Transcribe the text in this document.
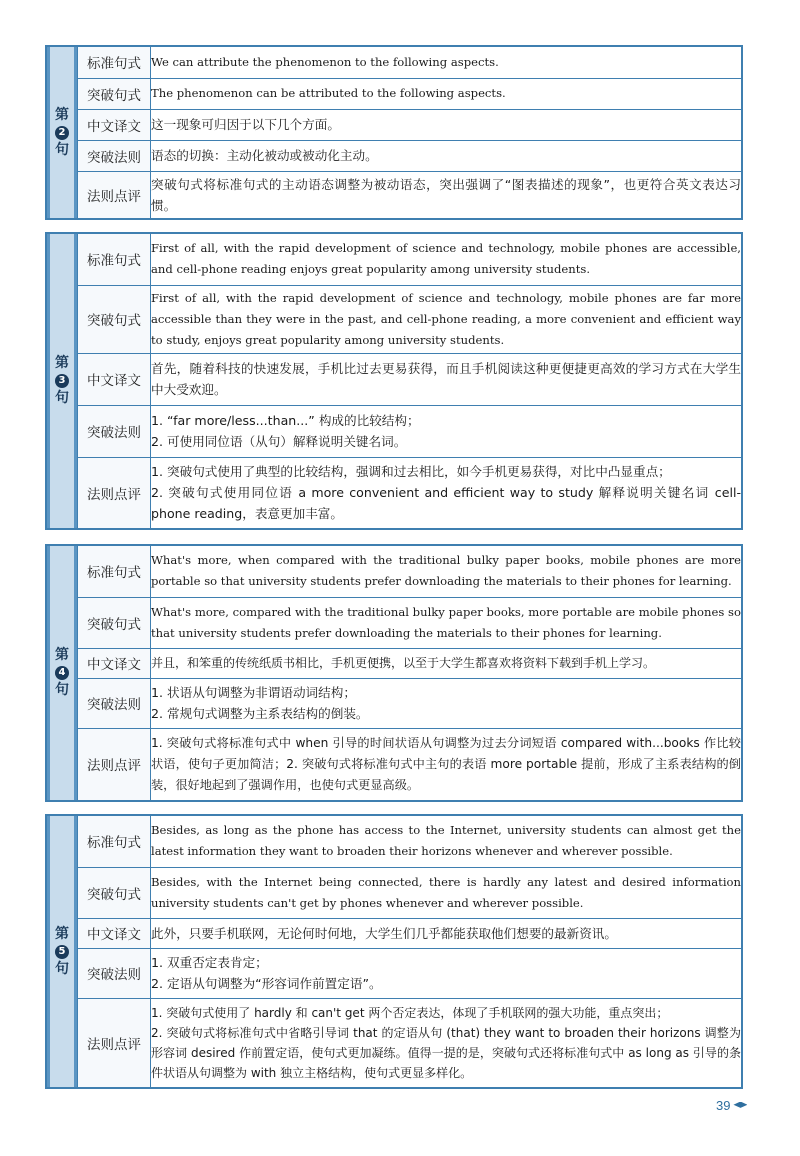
第
2
句
标准句式	We can attribute the phenomenon to the following aspects.
突破句式	The phenomenon can be attributed to the following aspects.
中文译文	这一现象可归因于以下几个方面。
突破法则	语态的切换：主动化被动或被动化主动。
法则点评	突破句式将标准句式的主动语态调整为被动语态，突出强调了“图表描述的现象”，也更符合英文表达习惯。
第
3
句
标准句式	First of all, with the rapid development of science and technology, mobile phones are accessible, and cell-phone reading enjoys great popularity among university students.
突破句式	First of all, with the rapid development of science and technology, mobile phones are far more accessible than they were in the past, and cell-phone reading, a more convenient and efficient way to study, enjoys great popularity among university students.
中文译文	首先，随着科技的快速发展，手机比过去更易获得，而且手机阅读这种更便捷更高效的学习方式在大学生中大受欢迎。
突破法则	1. “far more/less...than...” 构成的比较结构；
2. 可使用同位语（从句）解释说明关键名词。
法则点评	1. 突破句式使用了典型的比较结构，强调和过去相比，如今手机更易获得，对比中凸显重点；
2. 突破句式使用同位语 a more convenient and efficient way to study 解释说明关键名词 cell-phone reading，表意更加丰富。
第
4
句
标准句式	What's more, when compared with the traditional bulky paper books, mobile phones are more portable so that university students prefer downloading the materials to their phones for learning.
突破句式	What's more, compared with the traditional bulky paper books, more portable are mobile phones so that university students prefer downloading the materials to their phones for learning.
中文译文	并且，和笨重的传统纸质书相比，手机更便携，以至于大学生都喜欢将资料下载到手机上学习。
突破法则	1. 状语从句调整为非谓语动词结构；
2. 常规句式调整为主系表结构的倒装。
法则点评	1. 突破句式将标准句式中 when 引导的时间状语从句调整为过去分词短语 compared with...books 作比较状语，使句子更加简洁；2. 突破句式将标准句式中主句的表语 more portable 提前，形成了主系表结构的倒装，很好地起到了强调作用，也使句式更显高级。
第
5
句
标准句式	Besides, as long as the phone has access to the Internet, university students can almost get the latest information they want to broaden their horizons whenever and wherever possible.
突破句式	Besides, with the Internet being connected, there is hardly any latest and desired information university students can't get by phones whenever and wherever possible.
中文译文	此外，只要手机联网，无论何时何地，大学生们几乎都能获取他们想要的最新资讯。
突破法则	1. 双重否定表肯定；
2. 定语从句调整为“形容词作前置定语”。
法则点评	1. 突破句式使用了 hardly 和 can't get 两个否定表达，体现了手机联网的强大功能，重点突出；
2. 突破句式将标准句式中省略引导词 that 的定语从句 (that) they want to broaden their horizons 调整为形容词 desired 作前置定语，使句式更加凝练。值得一提的是，突破句式还将标准句式中 as long as 引导的条件状语从句调整为 with 独立主格结构，使句式更显多样化。
39
